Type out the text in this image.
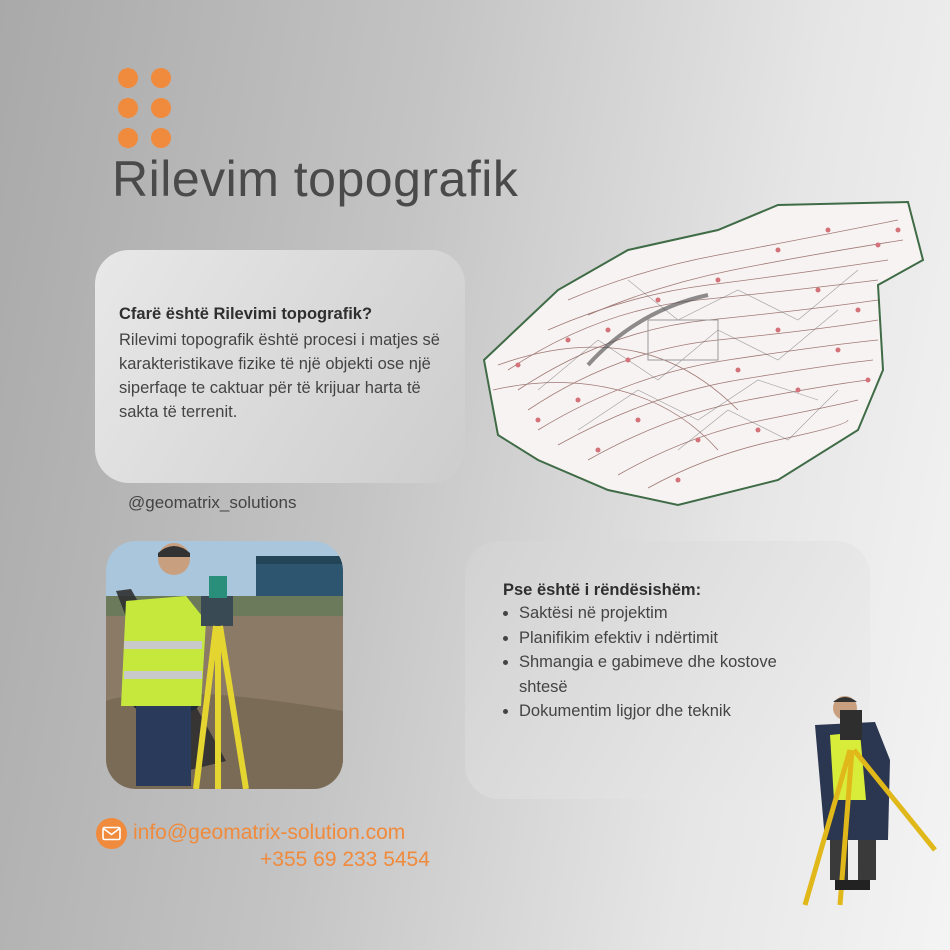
Rilevim topografik
Cfarë është Rilevimi topografik?
Rilevimi topografik është procesi i matjes së karakteristikave fizike të një objekti ose një siperfaqe te caktuar për të krijuar harta të sakta të terrenit.
@geomatrix_solutions
Pse është i rëndësishëm:
• Saktësi në projektim
• Planifikim efektiv i ndërtimit
• Shmangia e gabimeve dhe kostove shtesë
• Dokumentim ligjor dhe teknik
info@geomatrix-solution.com
+355 69 233 5454
